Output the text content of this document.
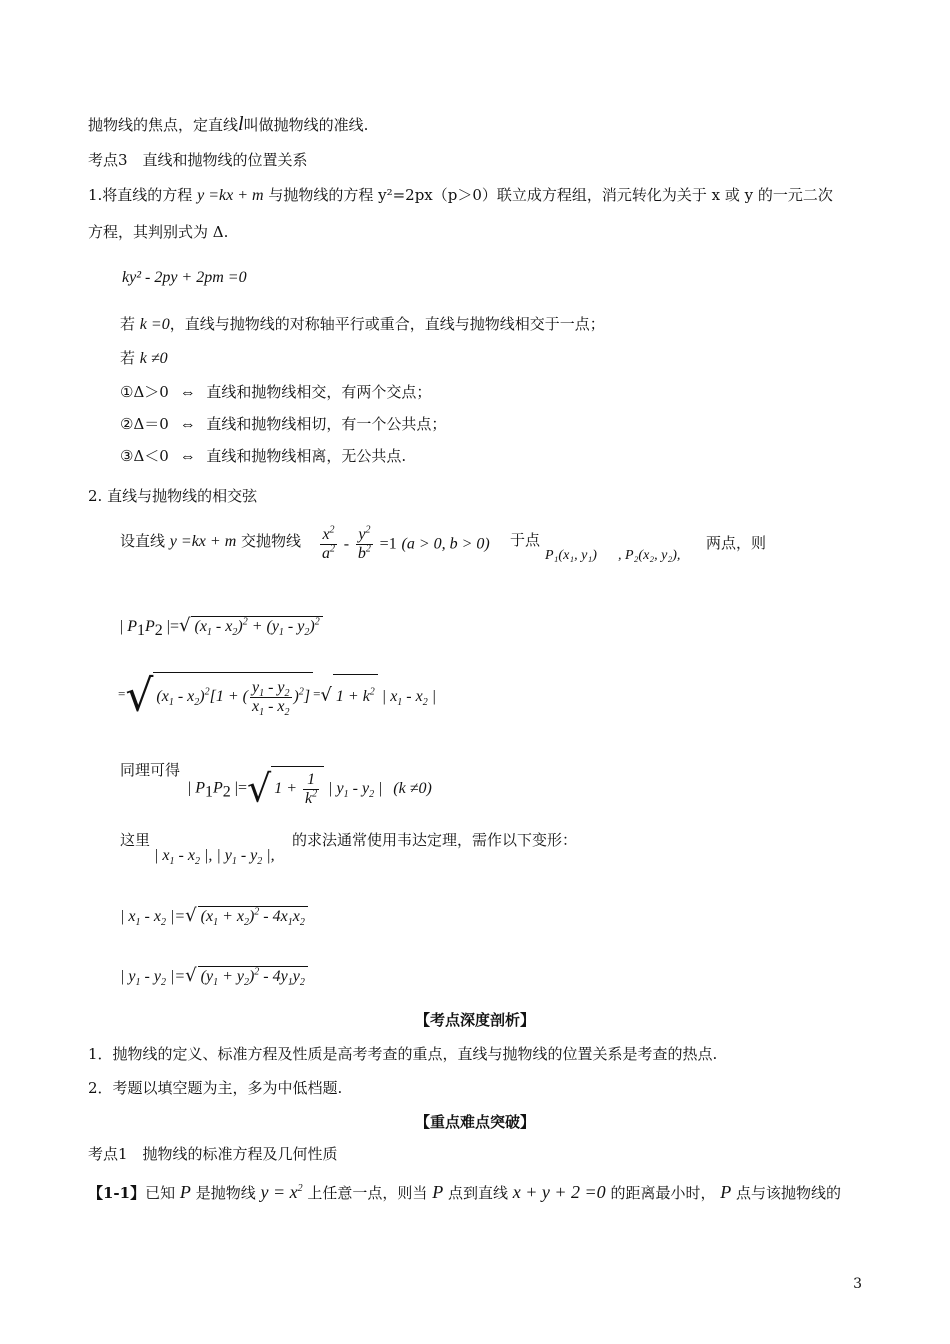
抛物线的焦点，定直线l叫做抛物线的准线.
考点3　直线和抛物线的位置关系
1.将直线的方程 y =kx + m 与抛物线的方程 y²=2px（p＞0）联立成方程组，消元转化为关于 x 或 y 的一元二次
方程，其判别式为 Δ.
ky² - 2py + 2pm =0
若 k =0，直线与抛物线的对称轴平行或重合，直线与抛物线相交于一点；
若 k ≠0
①Δ＞0 ⇔ 直线和抛物线相交，有两个交点；
②Δ＝0 ⇔ 直线和抛物线相切，有一个公共点；
③Δ＜0 ⇔ 直线和抛物线相离，无公共点.
2. 直线与抛物线的相交弦
设直线 y =kx + m 交抛物线 $\frac{x^2}{a^2} - \frac{y^2}{b^2} =1$ (a > 0, b > 0) 于点
P₁(x₁, y₁) , P₂(x₂, y₂),
两点，则
| $P_1P_2$ |=√ $(x_1 - x_2)^2 + (y_1 - y_2)^2$
=√ $(x_1 - x_2)^2[1$ + ( $\frac{y_1 - y_2}{x_1 - x_2} )^2$] =√ $1 + k^2$ | $x_1 - x_2$ |
同理可得
| $P_1P_2$ |=√ $1 + \frac{1}{k^2}$ | $y_1 - y_2$ | (k ≠0)
这里
| $x_1 - x_2$ |, | $y_1 - y_2$ |,
的求法通常使用韦达定理，需作以下变形：
| $x_1 - x_2$ |=√ $(x_1 + x_2)^2 - 4x_1x_2$
| $y_1 - y_2$ |=√ $(y_1 + y_2)^2 - 4y_1y_2$
【考点深度剖析】
1．抛物线的定义、标准方程及性质是高考考查的重点，直线与抛物线的位置关系是考查的热点.
2．考题以填空题为主，多为中低档题.
【重点难点突破】
考点1　抛物线的标准方程及几何性质
【1-1】已知 P 是抛物线 $y = x^2$ 上任意一点，则当 P 点到直线 x + y + 2 =0 的距离最小时， P 点与该抛物线的
3
